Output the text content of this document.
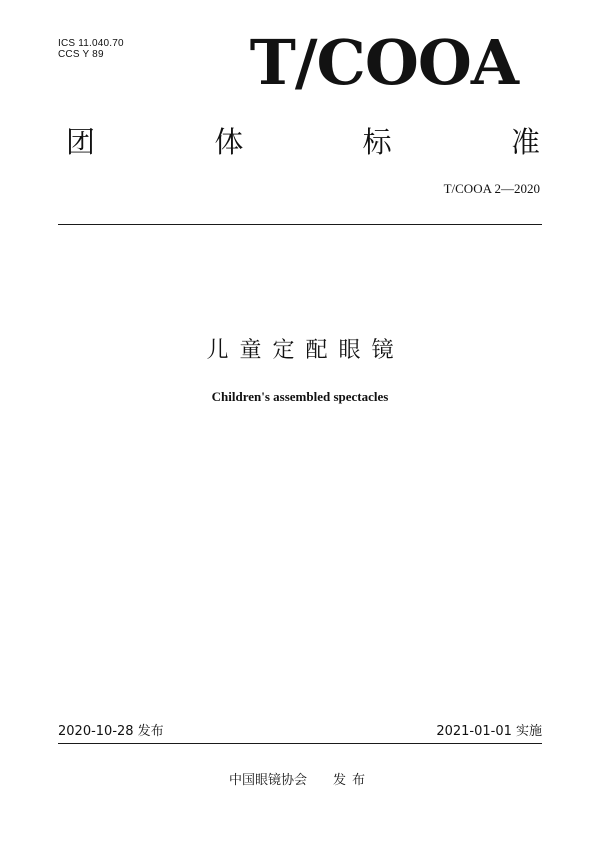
ICS 11.040.70
CCS Y 89 T/COOA
团	体	标	准
T/COOA 2—2020
儿童定配眼镜
Children's assembled spectacles
2020-10-28 发布	2021-01-01 实施
中国眼镜协会 发布
